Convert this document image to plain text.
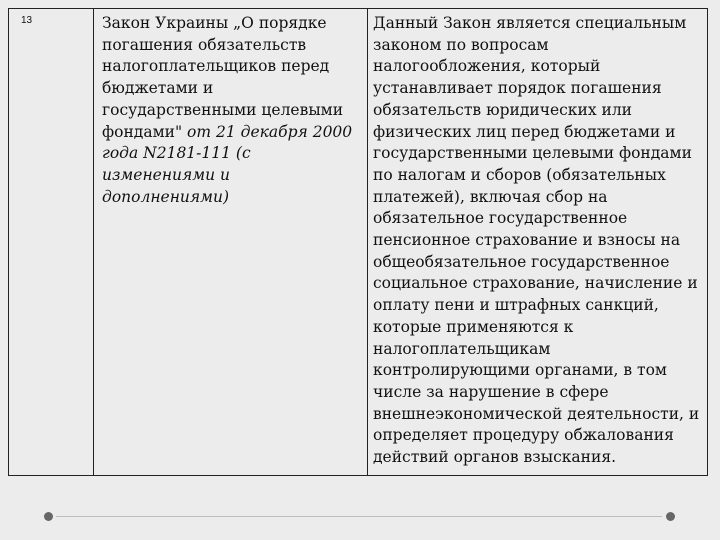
13	Закон Украины „О порядке погашения обязательств налогоплательщиков перед бюджетами и государственными целевыми фондами" от 21 декабря 2000 года N2181-111 (с изменениями и дополнениями)	Данный Закон является специальным законом по вопросам налогообложения, который устанавливает порядок погашения обязательств юридических или физических лиц перед бюджетами и государственными целевыми фондами по налогам и сборов (обязательных платежей), включая сбор на обязательное государственное пенсионное страхование и взносы на общеобязательное государственное социальное страхование, начисление и оплату пени и штрафных санкций, которые применяются к налогоплательщикам контролирующими органами, в том числе за нарушение в сфере внешнеэкономической деятельности, и определяет процедуру обжалования действий органов взыскания.
